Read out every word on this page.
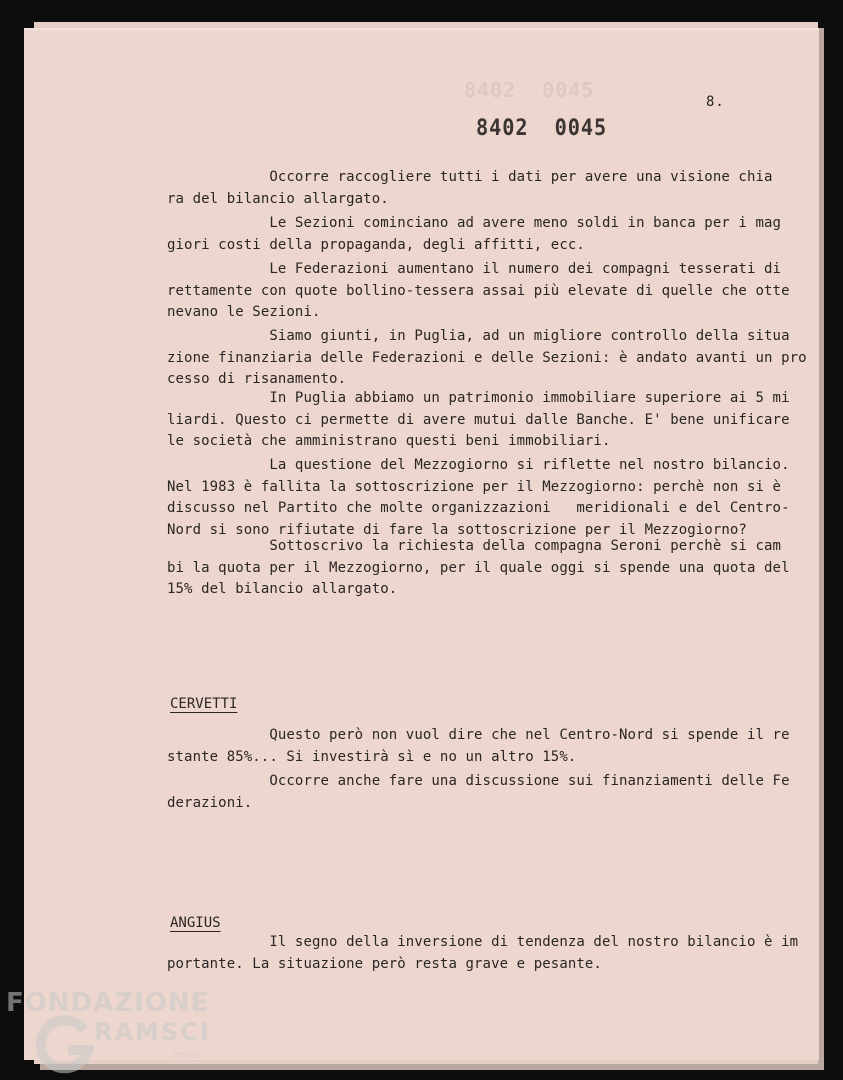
8402 0045	8.
8402 0045
Occorre raccogliere tutti i dati per avere una visione chia
ra del bilancio allargato.
Le Sezioni cominciano ad avere meno soldi in banca per i mag
giori costi della propaganda, degli affitti, ecc.
Le Federazioni aumentano il numero dei compagni tesserati di
rettamente con quote bollino-tessera assai più elevate di quelle che otte
nevano le Sezioni.
Siamo giunti, in Puglia, ad un migliore controllo della situa
zione finanziaria delle Federazioni e delle Sezioni: è andato avanti un pro
cesso di risanamento.
In Puglia abbiamo un patrimonio immobiliare superiore ai 5 mi
liardi. Questo ci permette di avere mutui dalle Banche. E' bene unificare
le società che amministrano questi beni immobiliari.
La questione del Mezzogiorno si riflette nel nostro bilancio.
Nel 1983 è fallita la sottoscrizione per il Mezzogiorno: perchè non si è
discusso nel Partito che molte organizzazioni   meridionali e del Centro-
Nord si sono rifiutate di fare la sottoscrizione per il Mezzogiorno?
Sottoscrivo la richiesta della compagna Seroni perchè si cam
bi la quota per il Mezzogiorno, per il quale oggi si spende una quota del
15% del bilancio allargato.
CERVETTI
Questo però non vuol dire che nel Centro-Nord si spende il re
stante 85%... Si investirà sì e no un altro 15%.
Occorre anche fare una discussione sui finanziamenti delle Fe
derazioni.
ANGIUS
Il segno della inversione di tendenza del nostro bilancio è im
portante. La situazione però resta grave e pesante.
FONDAZIONE
RAMSCI
onlus
